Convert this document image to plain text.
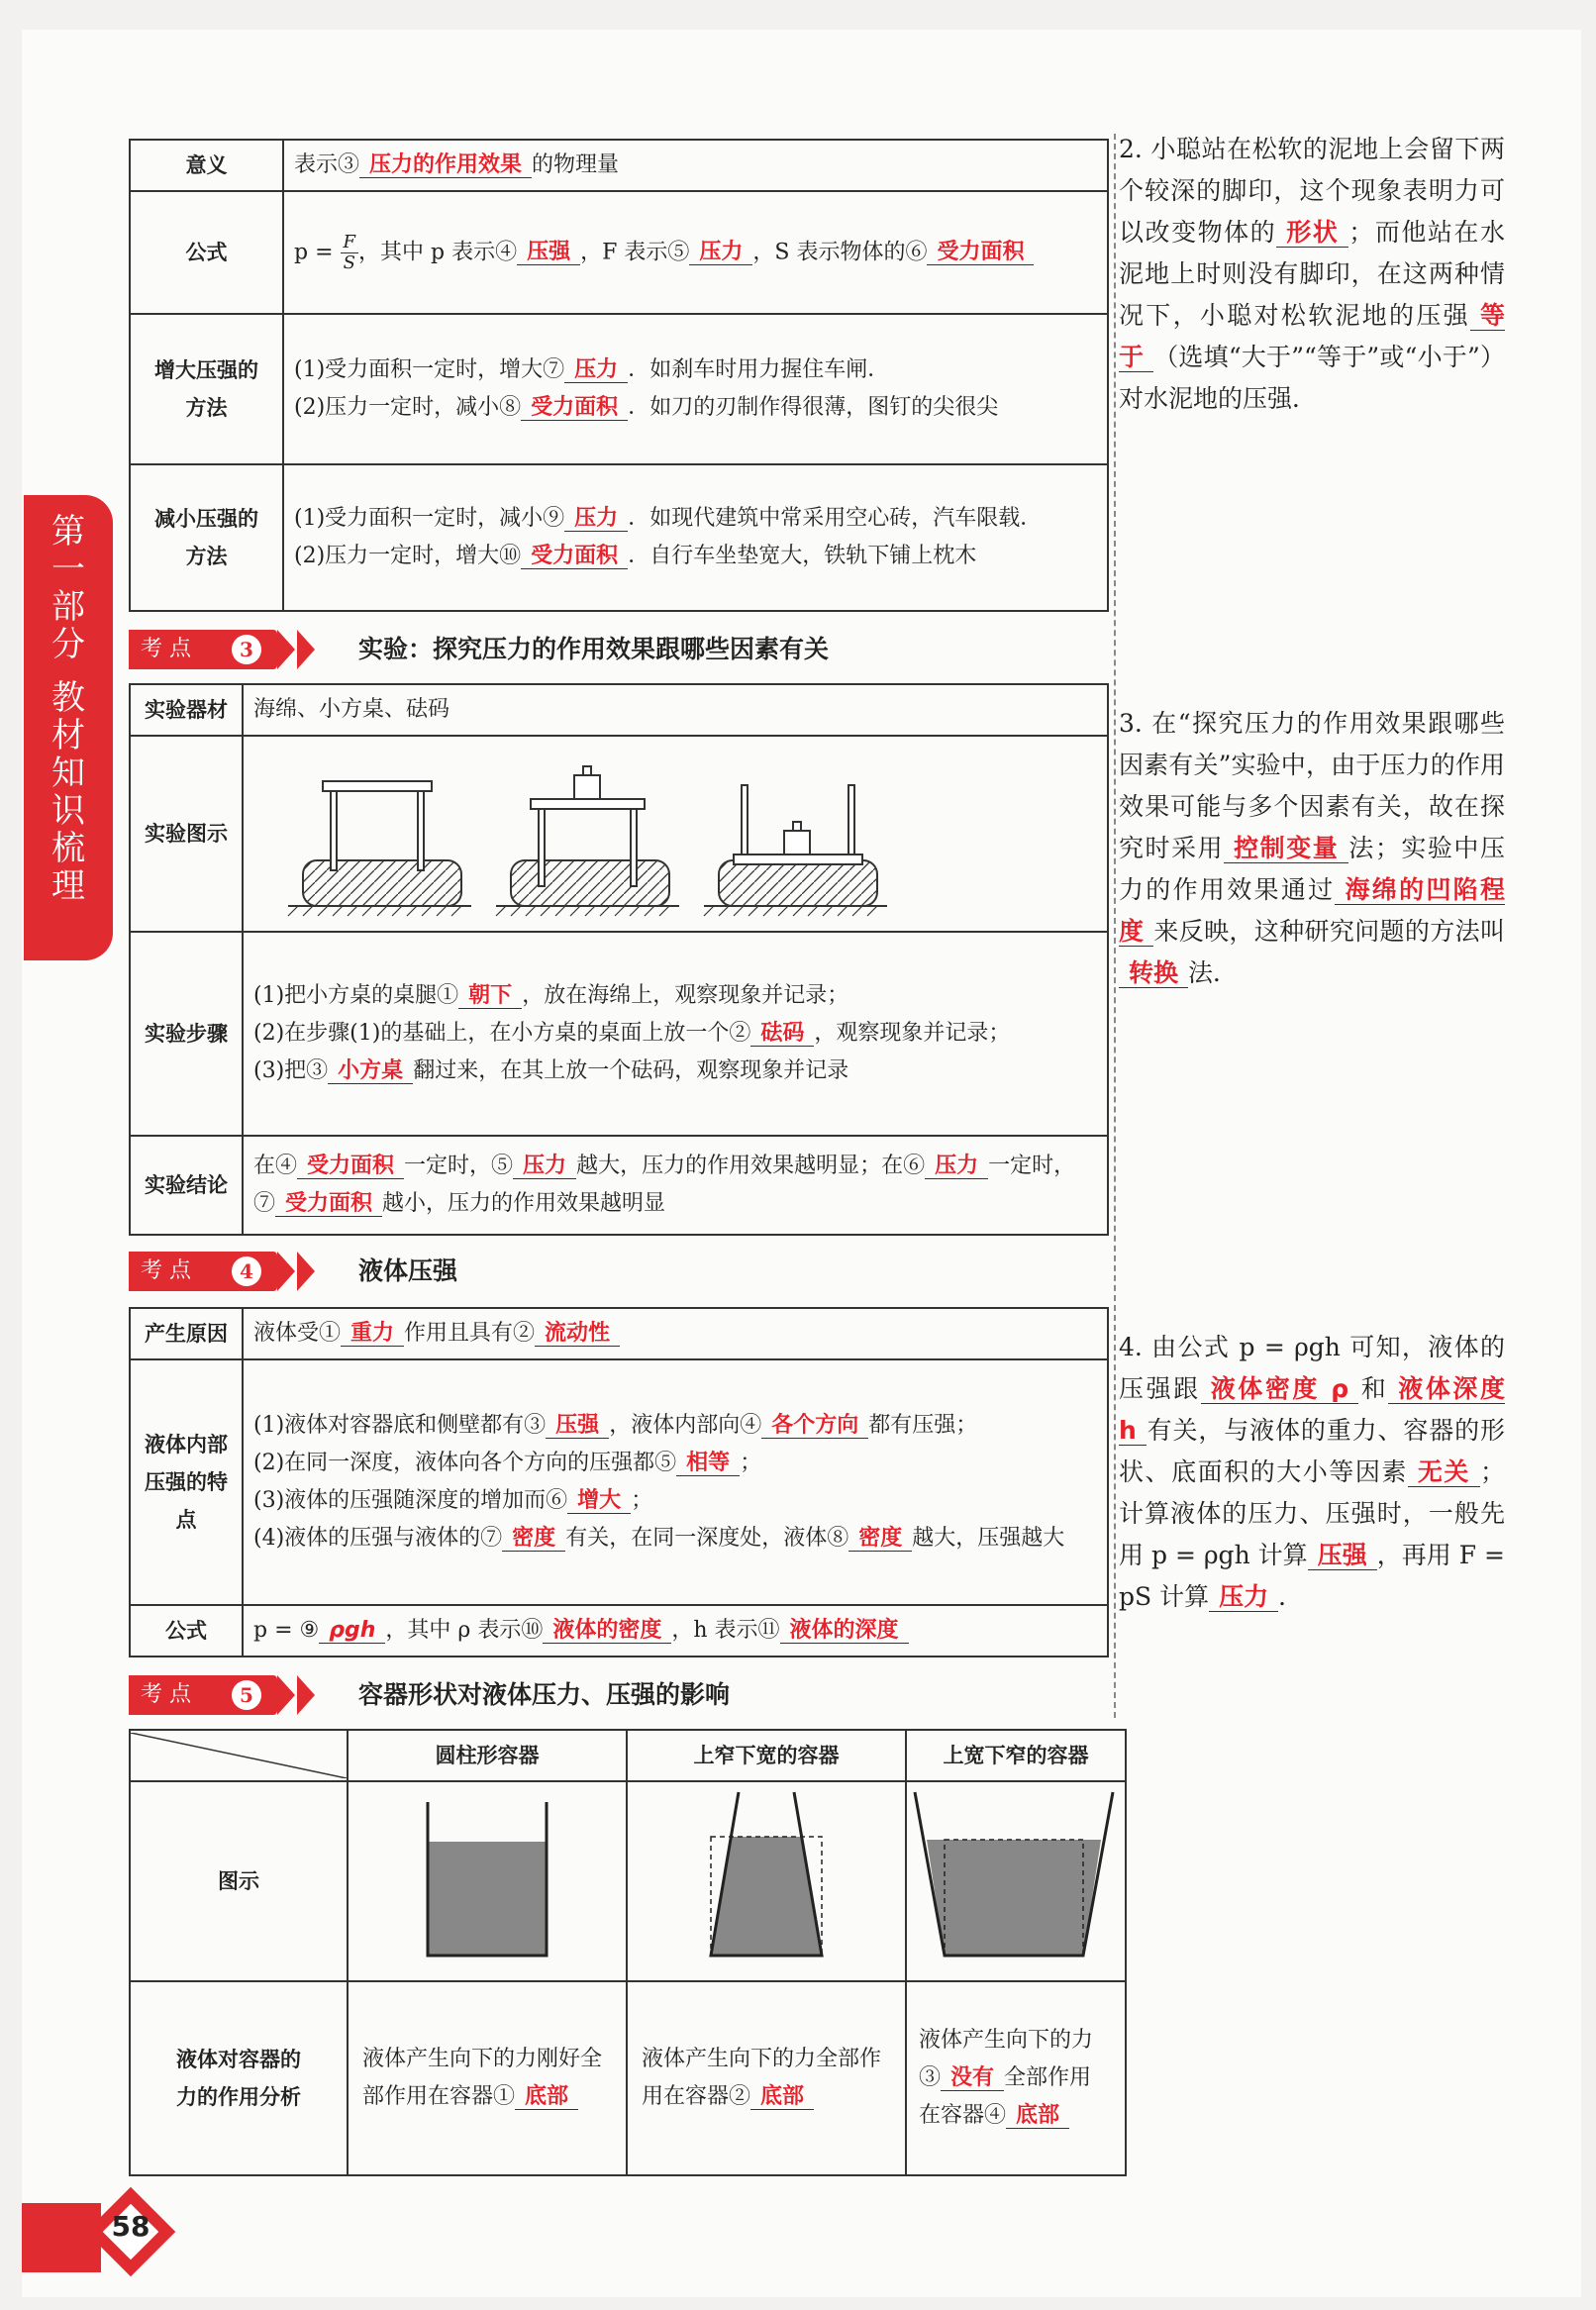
第
一
部
分
教
材
知
识
梳
理
意义	表示③ 压力的作用效果 的物理量
公式	$p = \frac{F}{S}$ ，其中 p 表示④ 压强 ，F 表示⑤ 压力 ，S 表示物体的⑥ 受力面积
增大压强的方法	(1)受力面积一定时，增大⑦ 压力 ．如刹车时用力握住车闸．
(2)压力一定时，减小⑧ 受力面积 ．如刀的刃制作得很薄，图钉的尖很尖
减小压强的方法	(1)受力面积一定时，减小⑨ 压力 ．如现代建筑中常采用空心砖，汽车限载．
(2)压力一定时，增大⑩ 受力面积 ．自行车坐垫宽大，铁轨下铺上枕木
考 点	3	实验：探究压力的作用效果跟哪些因素有关
实验器材	海绵、小方桌、砝码
实验图示	

实验步骤	(1)把小方桌的桌腿① 朝下 ，放在海绵上，观察现象并记录；
(2)在步骤(1)的基础上，在小方桌的桌面上放一个② 砝码 ，观察现象并记录；
(3)把③ 小方桌 翻过来，在其上放一个砝码，观察现象并记录
实验结论	在④ 受力面积 一定时，⑤ 压力 越大，压力的作用效果越明显；在⑥ 压力 一定时，⑦ 受力面积 越小，压力的作用效果越明显
考 点	4	液体压强
产生原因	液体受① 重力 作用且具有② 流动性
液体内部压强的特点	(1)液体对容器底和侧壁都有③ 压强 ，液体内部向④ 各个方向 都有压强；
(2)在同一深度，液体向各个方向的压强都⑤ 相等 ；
(3)液体的压强随深度的增加而⑥ 增大 ；
(4)液体的压强与液体的⑦ 密度 有关，在同一深度处，液体⑧ 密度 越大，压强越大
公式	p = ⑨ ρgh ，其中 ρ 表示⑩ 液体的密度 ，h 表示⑪ 液体的深度
考 点	5	容器形状对液体压力、压强的影响
	圆柱形容器	上窄下宽的容器	上宽下窄的容器
图示	

液体对容器的力的作用分析	液体产生向下的力刚好全部作用在容器① 底部	液体产生向下的力全部作用在容器② 底部	液体产生向下的力③ 没有 全部作用在容器④ 底部
2. 小聪站在松软的泥地上会留下两个较深的脚印，这个现象表明力可以改变物体的 形状 ；而他站在水泥地上时则没有脚印，在这两种情况下，小聪对松软泥地的压强 等于 （选填“大于”“等于”或“小于”）对水泥地的压强．
3. 在“探究压力的作用效果跟哪些因素有关”实验中，由于压力的作用效果可能与多个因素有关，故在探究时采用 控制变量 法；实验中压力的作用效果通过 海绵的凹陷程度 来反映，这种研究问题的方法叫转换 法．
4. 由公式 p = ρgh 可知，液体的压强跟 液体密度 ρ 和 液体深度 h 有关，与液体的重力、容器的形状、底面积的大小等因素 无关 ；计算液体的压力、压强时，一般先用 p = ρgh 计算 压强 ，再用 F = pS 计算 压力 ．
58
